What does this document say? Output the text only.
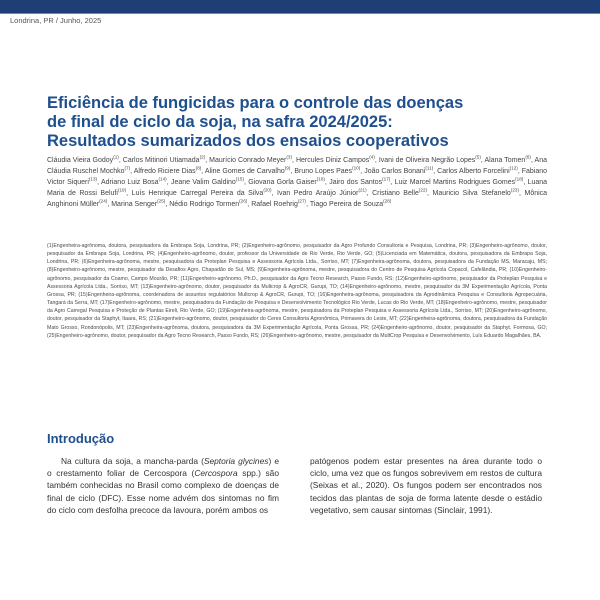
Londrina, PR / Junho, 2025
Eficiência de fungicidas para o controle das doenças
de final de ciclo da soja, na safra 2024/2025:
Resultados sumarizados dos ensaios cooperativos
Cláudia Vieira Godoy$^{(1)}$, Carlos Mitinori Utiamada$^{(2)}$, Maurício Conrado Meyer$^{(3)}$, Hercules Diniz Campos$^{(4)}$, Ivani de Oliveira Negrão Lopes$^{(5)}$, Alana Tomen$^{(6)}$, Ana Cláudia Ruschel Mochko$^{(7)}$, Alfredo Riciere Dias$^{(8)}$, Aline Gomes de Carvalho$^{(9)}$, Bruno Lopes Paes$^{(10)}$, João Carlos Bonani$^{(11)}$, Carlos Alberto Forcelini$^{(12)}$, Fabiano Victor Siqueri$^{(13)}$, Adriano Luiz Bosa$^{(14)}$, Jeane Valim Galdino$^{(15)}$, Giovana Gorla Gaiser$^{(16)}$, Jairo dos Santos$^{(17)}$, Luiz Marcel Martins Rodrigues Gomes$^{(18)}$, Luana Maria de Rossi Belufi$^{(19)}$, Luís Henrique Carregal Pereira da Silva$^{(20)}$, Ivan Pedro Araújo Júnior$^{(21)}$, Cristiano Belle$^{(22)}$, Mauricio Silva Stefanelo$^{(23)}$, Mônica Anghinoni Müller$^{(24)}$, Marina Senger$^{(25)}$, Nédio Rodrigo Tormen$^{(26)}$, Rafael Roehrig$^{(27)}$, Tiago Pereira de Souza$^{(28)}$
(1)Engenheira-agrônoma, doutora, pesquisadora da Embrapa Soja, Londrina, PR; (2)Engenheiro-agrônomo, pesquisador da Agro Profundo Consultoria e Pesquisa, Londrina, PR; (3)Engenheiro-agrônomo, doutor, pesquisador da Embrapa Soja, Londrina, PR; (4)Engenheiro-agrônomo, doutor, professor da Universidade de Rio Verde, Rio Verde, GO; (5)Licenciada em Matemática, doutora, pesquisadora da Embrapa Soja, Londrina, PR; (6)Engenheira-agrônoma, mestre, pesquisadora da Proteplan Pesquisa e Assessoria Agrícola Ltda., Sorriso, MT; (7)Engenheira-agrônoma, doutora, pesquisadora da Fundação MS, Maracaju, MS; (8)Engenheiro-agrônomo, mestre, pesquisador da Desafios Agro, Chapadão do Sul, MS; (9)Engenheira-agrônoma, mestre, pesquisadora do Centro de Pesquisa Agrícola Copacol, Cafelândia, PR; (10)Engenheiro-agrônomo, pesquisador da Coamo, Campo Mourão, PR; (11)Engenheiro-agrônomo, Ph.D., pesquisador da Agro Tecno Research, Passo Fundo, RS; (12)Engenheiro-agrônomo, pesquisador da Proteplan Pesquisa e Assessoria Agrícola Ltda., Sorriso, MT; (13)Engenheiro-agrônomo, doutor, pesquisador da Multcrop & AgroCR, Gurupi, TO; (14)Engenheiro-agrônomo, mestre, pesquisador da 3M Experimentação Agrícola, Ponta Grossa, PR; (15)Engenheira-agrônoma, coordenadora de assuntos regulatórios Multcrop & AgroCR, Gurupi, TO; (16)Engenheira-agrônoma, pesquisadora da Agrodinâmica Pesquisa e Consultoria Agropecuária, Tangará da Serra, MT; (17)Engenheiro-agrônomo, mestre, pesquisadora da Fundação de Pesquisa e Desenvolvimento Tecnológico Rio Verde, Lucas do Rio Verde, MT; (18)Engenheiro-agrônomo, mestre, pesquisador da Agro Carregal Pesquisa e Proteção de Plantas Eireli, Rio Verde, GO; (19)Engenheira-agrônoma, mestre, pesquisadora da Proteplan Pesquisa e Assessoria Agrícola Ltda., Sorriso, MT; (20)Engenheiro-agrônomo, doutor, pesquisador da Staphyt, Itaara, RS; (21)Engenheiro-agrônomo, doutor, pesquisador do Ceres Consultoria Agronômica, Primavera do Leste, MT; (22)Engenheira-agrônoma, doutora, pesquisadora da Fundação Mato Grosso, Rondonópolis, MT; (23)Engenheira-agrônoma, doutora, pesquisadora da 3M Experimentação Agrícola, Ponta Grossa, PR; (24)Engenheiro-agrônomo, doutor, pesquisador da Staphyt, Formosa, GO; (25)Engenheiro-agrônomo, doutor, pesquisador da Agro Tecno Research, Passo Fundo, RS; (26)Engenheiro-agrônomo, mestre, pesquisador da MultCrop Pesquisa e Desenvolvimento, Luís Eduardo Magalhães, BA.
Introdução
Na cultura da soja, a mancha-parda (Septoria glycines) e o crestamento foliar de Cercospora (Cercospora spp.) são também conhecidas no Brasil como complexo de doenças de final de ciclo (DFC). Esse nome advém dos sintomas no fim do ciclo com desfolha precoce da lavoura, porém ambos os
patógenos podem estar presentes na área durante todo o ciclo, uma vez que os fungos sobrevivem em restos de cultura (Seixas et al., 2020). Os fungos podem ser encontrados nos tecidos das plantas de soja de forma latente desde o estádio vegetativo, sem causar sintomas (Sinclair, 1991).
